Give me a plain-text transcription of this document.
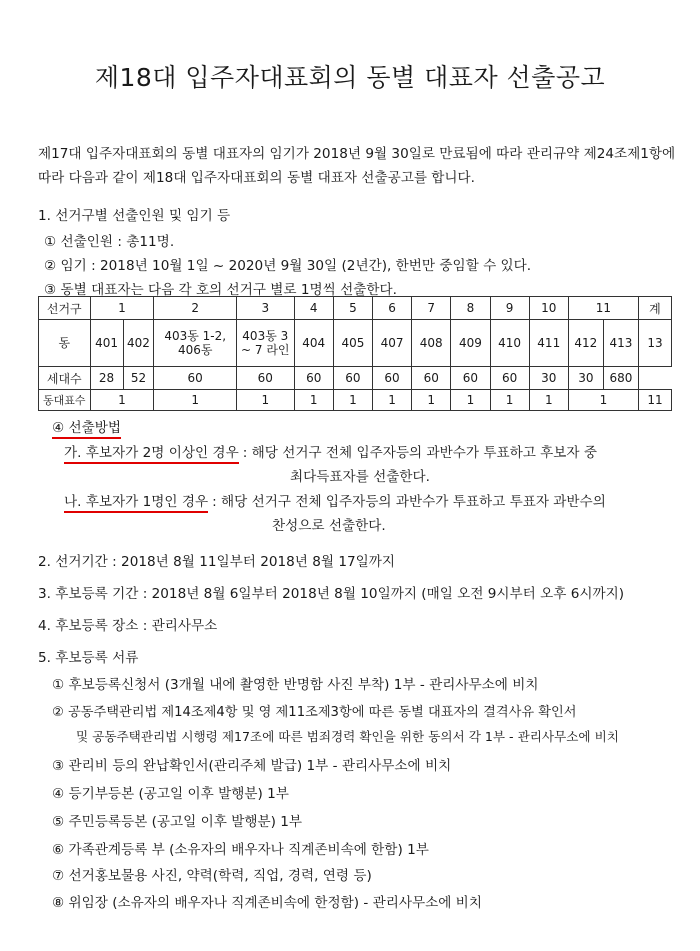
제18대 입주자대표회의 동별 대표자 선출공고
제17대 입주자대표회의 동별 대표자의 임기가 2018년 9월 30일로 만료됨에 따라 관리규약 제24조제1항에 따라 다음과 같이 제18대 입주자대표회의 동별 대표자 선출공고를 합니다.
1. 선거구별 선출인원 및 임기 등
① 선출인원 : 총11명.
② 임기 : 2018년 10월 1일 ~ 2020년 9월 30일 (2년간), 한번만 중임할 수 있다.
③ 동별 대표자는 다음 각 호의 선거구 별로 1명씩 선출한다.
선거구	1		2	3	4	5	6	7	8	9	10	11		계
동	401	402	403동 1-2, 406동	403동 3 ~ 7 라인	404	405	407	408	409	410	411	412	413	13
세대수	28	52	60	60	60	60	60	60	60	60	30	30	680	
동대표수	1		1	1	1	1	1	1	1	1	1	1		11
④ 선출방법
가. 후보자가 2명 이상인 경우 : 해당 선거구 전체 입주자등의 과반수가 투표하고 후보자 중
최다득표자를 선출한다.
나. 후보자가 1명인 경우 : 해당 선거구 전체 입주자등의 과반수가 투표하고 투표자 과반수의
찬성으로 선출한다.
2. 선거기간 : 2018년 8월 11일부터 2018년 8월 17일까지
3. 후보등록 기간 : 2018년 8월 6일부터 2018년 8월 10일까지 (매일 오전 9시부터 오후 6시까지)
4. 후보등록 장소 : 관리사무소
5. 후보등록 서류
① 후보등록신청서 (3개월 내에 촬영한 반명함 사진 부착) 1부 - 관리사무소에 비치
② 공동주택관리법 제14조제4항 및 영 제11조제3항에 따른 동별 대표자의 결격사유 확인서
및 공동주택관리법 시행령 제17조에 따른 범죄경력 확인을 위한 동의서 각 1부 - 관리사무소에 비치
③ 관리비 등의 완납확인서(관리주체 발급) 1부 - 관리사무소에 비치
④ 등기부등본 (공고일 이후 발행분) 1부
⑤ 주민등록등본 (공고일 이후 발행분) 1부
⑥ 가족관계등록 부 (소유자의 배우자나 직계존비속에 한함) 1부
⑦ 선거홍보물용 사진, 약력(학력, 직업, 경력, 연령 등)
⑧ 위임장 (소유자의 배우자나 직계존비속에 한정함) - 관리사무소에 비치
